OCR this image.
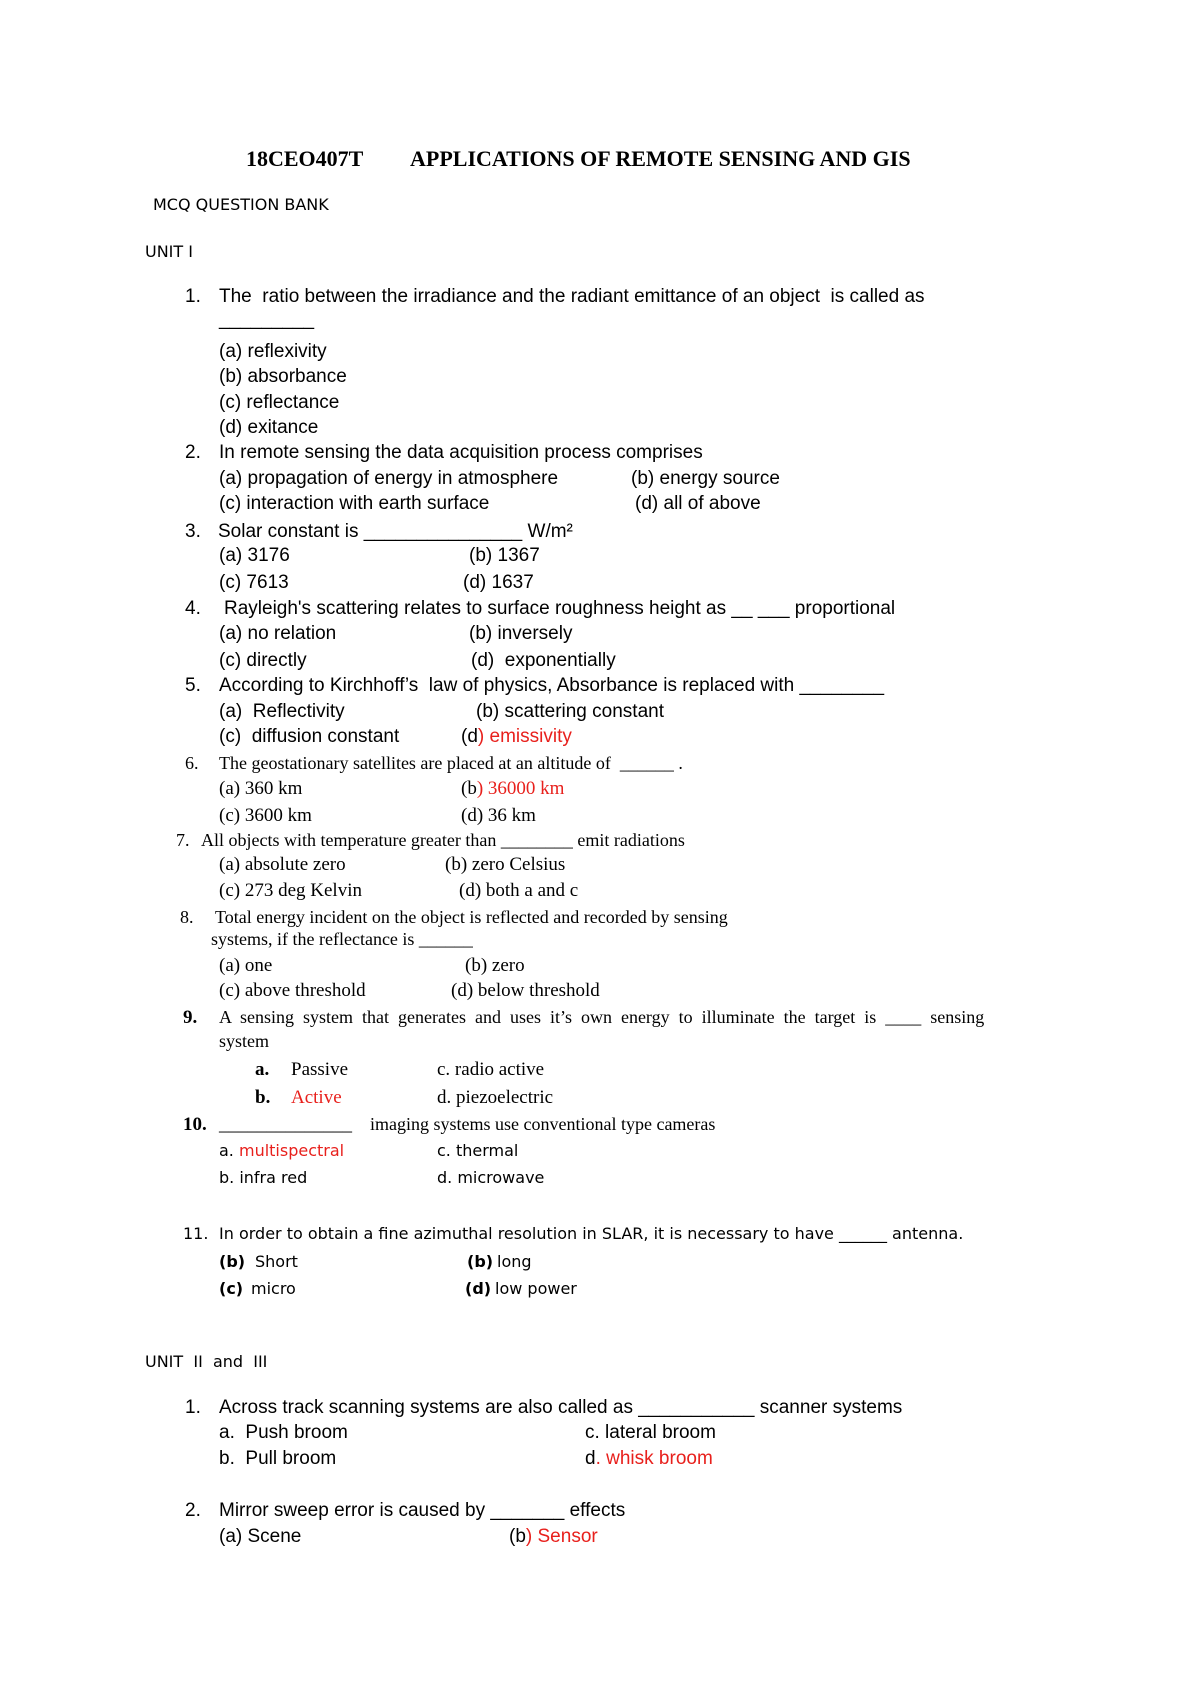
18CEO407T APPLICATIONS OF REMOTE SENSING AND GIS
MCQ QUESTION BANK
UNIT I
1. The  ratio between the irradiance and the radiant emittance of an object  is called as
_________
(a) reflexivity
(b) absorbance
(c) reflectance
(d) exitance
2. In remote sensing the data acquisition process comprises
(a) propagation of energy in atmosphere	(b) energy source
(c) interaction with earth surface	(d) all of above
3. Solar constant is _______________ W/m²
(a) 3176	(b) 1367
(c) 7613	(d) 1637
4. Rayleigh's scattering relates to surface roughness height as __ ___ proportional
(a) no relation	(b) inversely
(c) directly	(d)  exponentially
5. According to Kirchhoff’s  law of physics, Absorbance is replaced with ________
(a)  Reflectivity	(b) scattering constant
(c)  diffusion constant	(d) emissivity
6. The geostationary satellites are placed at an altitude of  ______ .
(a) 360 km	(b) 36000 km
(c) 3600 km	(d) 36 km
7. All objects with temperature greater than ________ emit radiations
(a) absolute zero	(b) zero Celsius
(c) 273 deg Kelvin	(d) both a and c
8. Total energy incident on the object is reflected and recorded by sensing
systems, if the reflectance is ______
(a) one	(b) zero
(c) above threshold	(d) below threshold
9. A  sensing  system  that  generates  and  uses  it’s  own  energy  to  illuminate  the  target  is  ____  sensing
system
a. Passive	c. radio active
b. Active	d. piezoelectric
10. ______________ imaging systems use conventional type cameras
a. multispectral	c. thermal
b. infra red	d. microwave
11. In order to obtain a fine azimuthal resolution in SLAR, it is necessary to have ______ antenna.
(b) Short	(b) long
(c) micro	(d) low power
UNIT  II  and  III
1. Across track scanning systems are also called as ___________ scanner systems
a.  Push broom	c. lateral broom
b.  Pull broom	d. whisk broom
2. Mirror sweep error is caused by _______ effects
(a) Scene	(b) Sensor
